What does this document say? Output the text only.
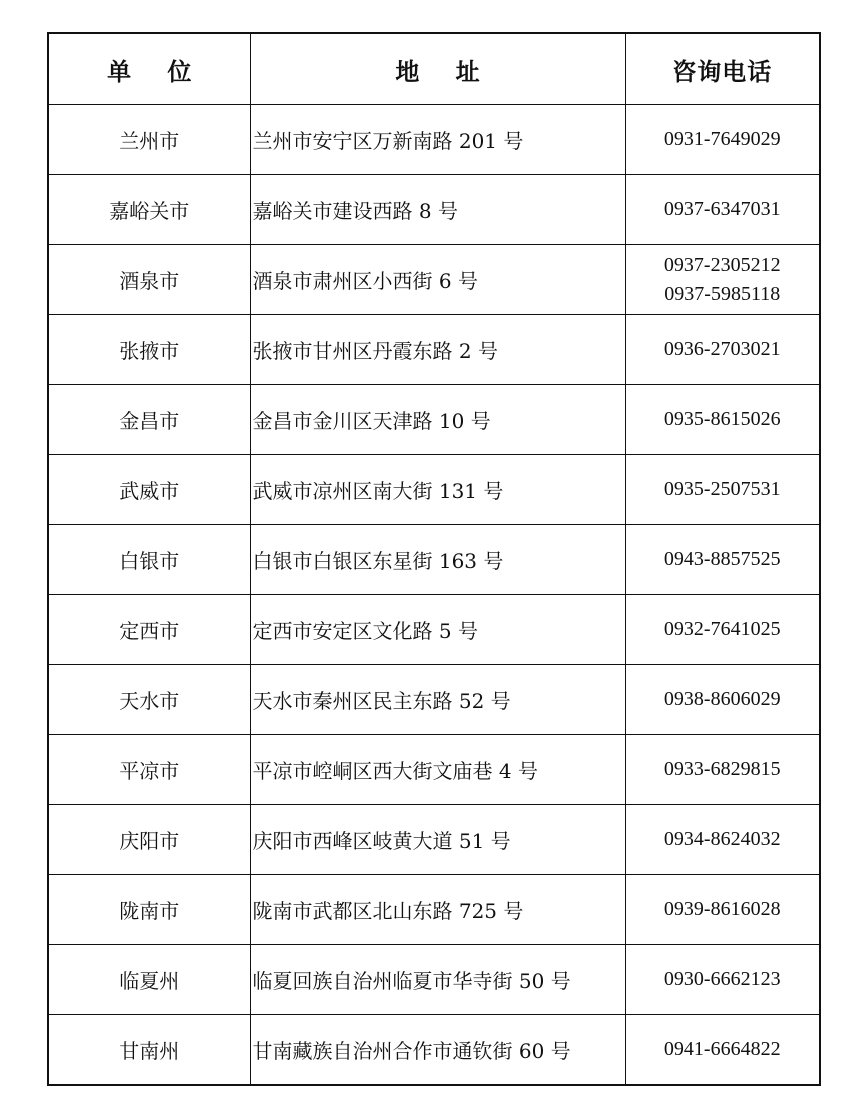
单 位	地 址	咨询电话
兰州市	兰州市安宁区万新南路 201 号	0931-7649029

嘉峪关市	嘉峪关市建设西路 8 号	0937-6347031

酒泉市	酒泉市肃州区小西街 6 号	0937-2305212
0937-5985118

张掖市	张掖市甘州区丹霞东路 2 号	0936-2703021

金昌市	金昌市金川区天津路 10 号	0935-8615026

武威市	武威市凉州区南大街 131 号	0935-2507531

白银市	白银市白银区东星街 163 号	0943-8857525

定西市	定西市安定区文化路 5 号	0932-7641025

天水市	天水市秦州区民主东路 52 号	0938-8606029

平凉市	平凉市崆峒区西大街文庙巷 4 号	0933-6829815

庆阳市	庆阳市西峰区岐黄大道 51 号	0934-8624032

陇南市	陇南市武都区北山东路 725 号	0939-8616028

临夏州	临夏回族自治州临夏市华寺街 50 号	0930-6662123

甘南州	甘南藏族自治州合作市通钦街 60 号	0941-6664822
